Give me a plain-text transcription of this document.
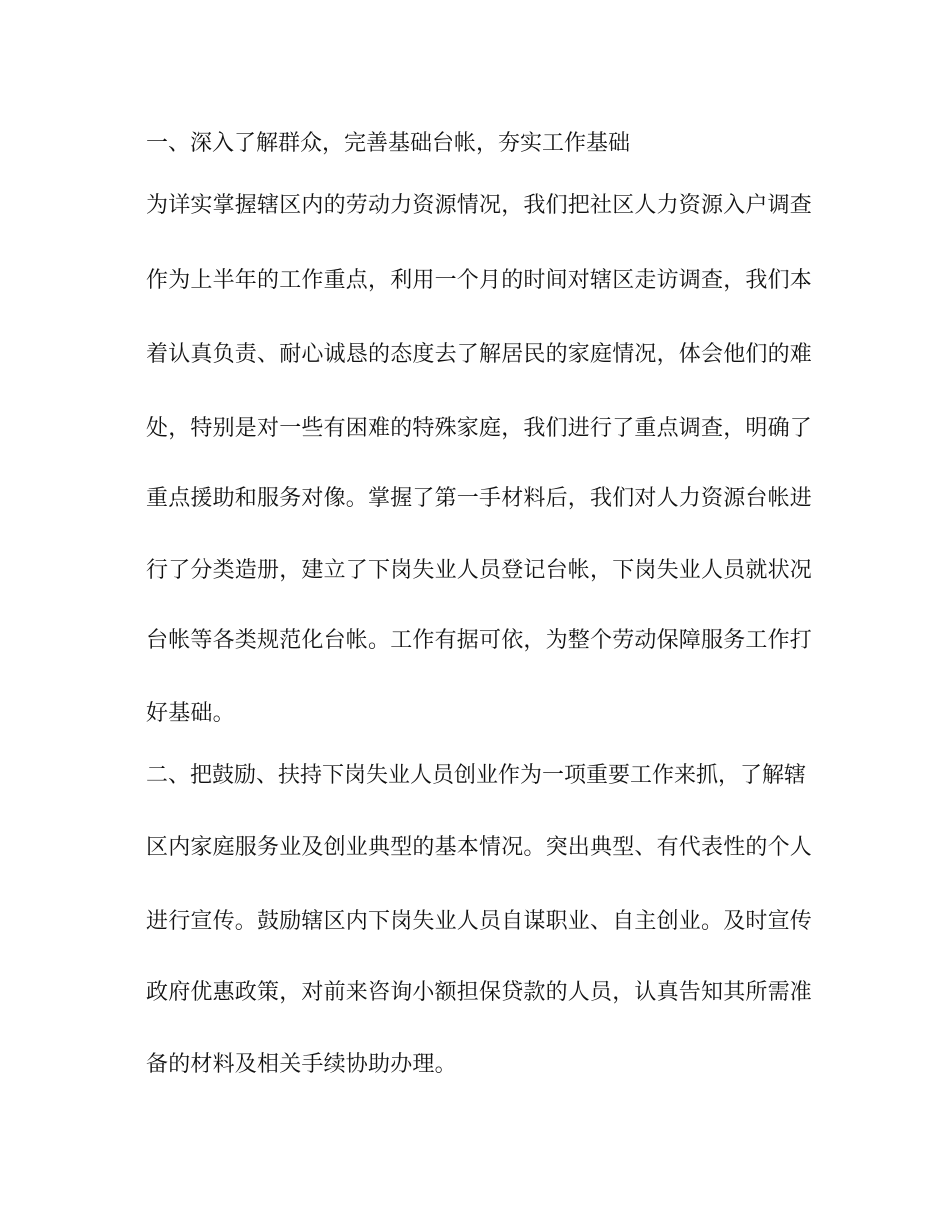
一、深入了解群众，完善基础台帐，夯实工作基础
为详实掌握辖区内的劳动力资源情况，我们把社区人力资源入户调查
作为上半年的工作重点，利用一个月的时间对辖区走访调查，我们本
着认真负责、耐心诚恳的态度去了解居民的家庭情况，体会他们的难
处，特别是对一些有困难的特殊家庭，我们进行了重点调查，明确了
重点援助和服务对像。掌握了第一手材料后，我们对人力资源台帐进
行了分类造册，建立了下岗失业人员登记台帐，下岗失业人员就状况
台帐等各类规范化台帐。工作有据可依，为整个劳动保障服务工作打
好基础。
二、把鼓励、扶持下岗失业人员创业作为一项重要工作来抓，了解辖
区内家庭服务业及创业典型的基本情况。突出典型、有代表性的个人
进行宣传。鼓励辖区内下岗失业人员自谋职业、自主创业。及时宣传
政府优惠政策，对前来咨询小额担保贷款的人员，认真告知其所需准
备的材料及相关手续协助办理。
